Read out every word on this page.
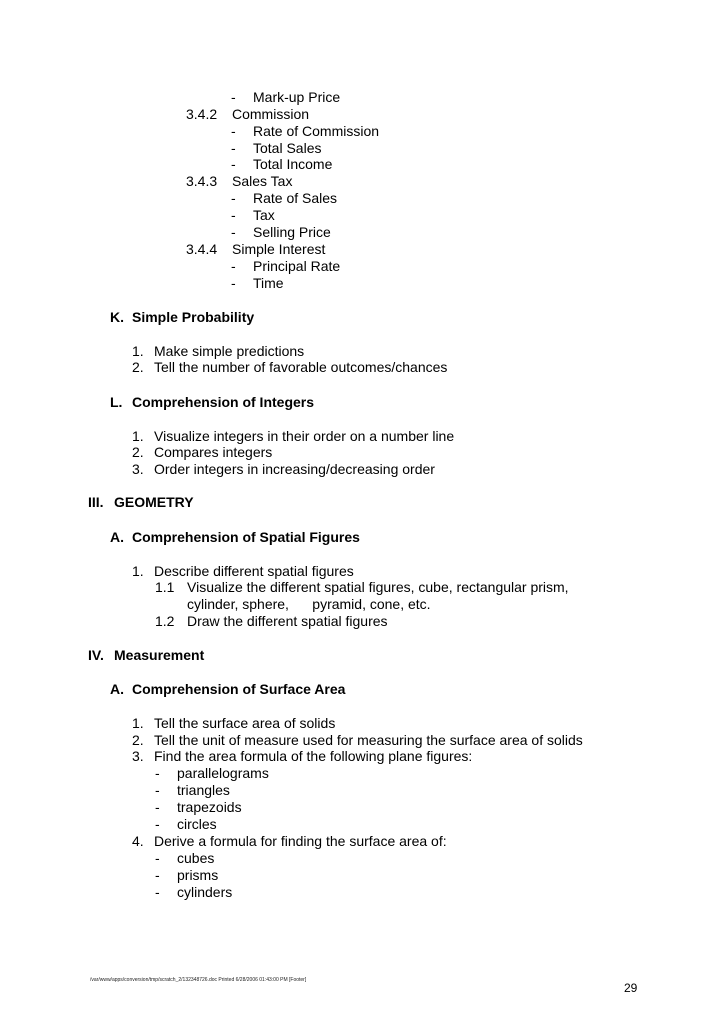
- Mark-up Price
3.4.2 Commission
- Rate of Commission
- Total Sales
- Total Income
3.4.3 Sales Tax
- Rate of Sales
- Tax
- Selling Price
3.4.4 Simple Interest
- Principal Rate
- Time
K. Simple Probability
1. Make simple predictions
2. Tell the number of favorable outcomes/chances
L. Comprehension of Integers
1. Visualize integers in their order on a number line
2. Compares integers
3. Order integers in increasing/decreasing order
III. GEOMETRY
A. Comprehension of Spatial Figures
1. Describe different spatial figures
1.1 Visualize the different spatial figures, cube, rectangular prism,
cylinder, sphere,      pyramid, cone, etc.
1.2 Draw the different spatial figures
IV. Measurement
A. Comprehension of Surface Area
1. Tell the surface area of solids
2. Tell the unit of measure used for measuring the surface area of solids
3. Find the area formula of the following plane figures:
- parallelograms
- triangles
- trapezoids
- circles
4. Derive a formula for finding the surface area of:
- cubes
- prisms
- cylinders
/var/www/apps/conversion/tmp/scratch_2/132348726.doc Printed 6/28/2006 01:43:00 PM [Footer]
29
